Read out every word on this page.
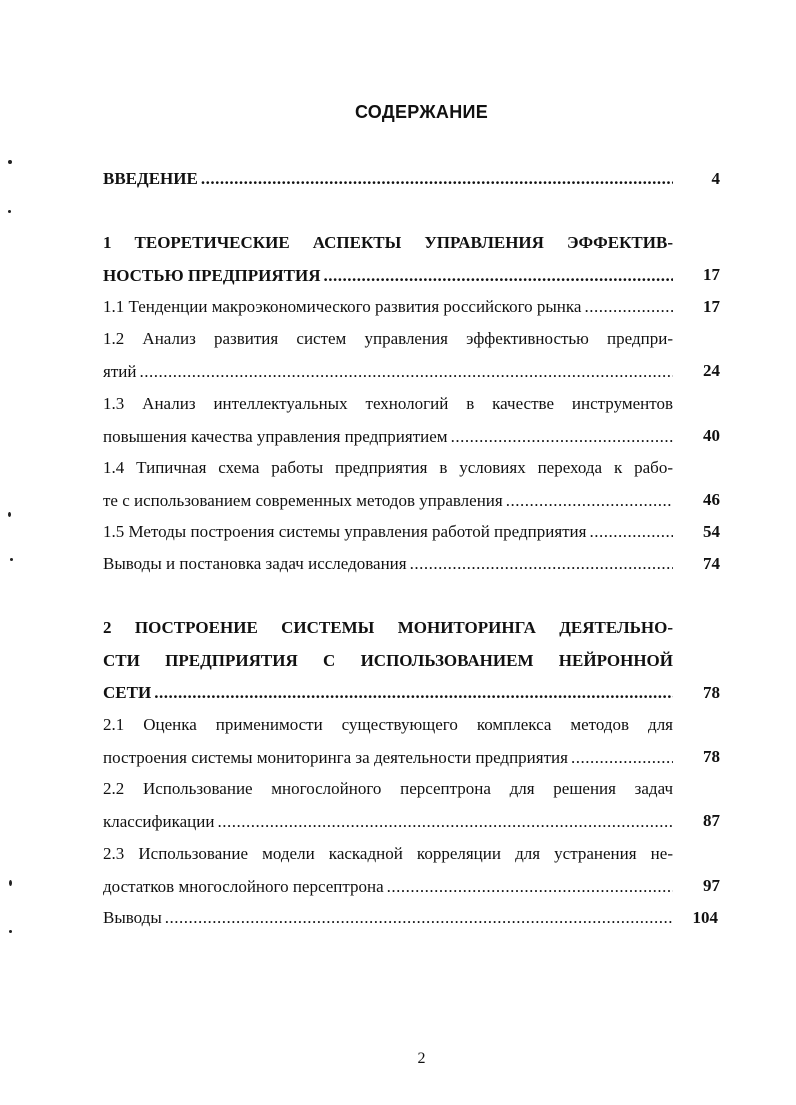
СОДЕРЖАНИЕ
ВВЕДЕНИЕ .....	4
1 ТЕОРЕТИЧЕСКИЕ АСПЕКТЫ УПРАВЛЕНИЯ ЭФФЕКТИВ-
НОСТЬЮ ПРЕДПРИЯТИЯ .....	17
1.1 Тенденции макроэкономического развития российского рынка .....	17
1.2 Анализ развития систем управления эффективностью предпри-
ятий .....	24
1.3 Анализ интеллектуальных технологий в качестве инструментов
повышения качества управления предприятием .....	40
1.4 Типичная схема работы предприятия в условиях перехода к рабо-
те с использованием современных методов управления .....	46
1.5 Методы построения системы управления работой предприятия .....	54
Выводы и постановка задач исследования .....	74
2 ПОСТРОЕНИЕ СИСТЕМЫ МОНИТОРИНГА ДЕЯТЕЛЬНО-
СТИ ПРЕДПРИЯТИЯ С ИСПОЛЬЗОВАНИЕМ НЕЙРОННОЙ
СЕТИ .....	78
2.1 Оценка применимости существующего комплекса методов для
построения системы мониторинга за деятельности предприятия .....	78
2.2 Использование многослойного персептрона для решения задач
классификации .....	87
2.3 Использование модели каскадной корреляции для устранения не-
достатков многослойного персептрона .....	97
Выводы .....	104
2
